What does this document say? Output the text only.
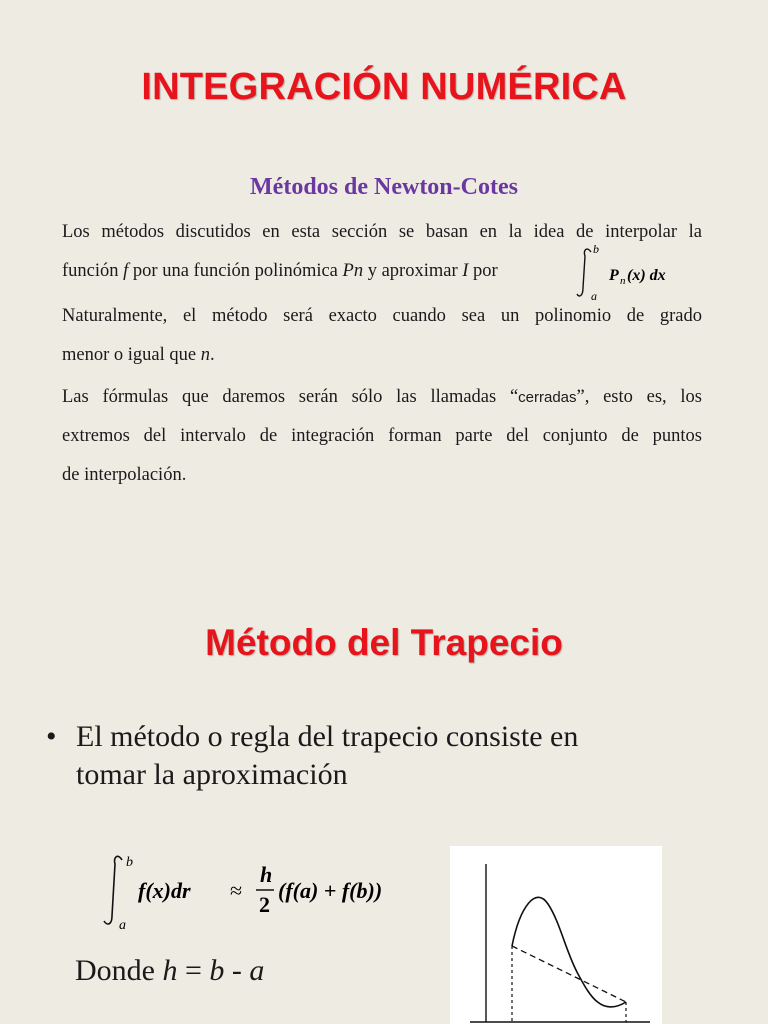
INTEGRACIÓN NUMÉRICA
Métodos de Newton-Cotes
Los métodos discutidos en esta sección se basan en la idea de interpolar la
función f por una función polinómica Pn y aproximar I por
b
a
P n (x) dx
Naturalmente, el método será exacto cuando sea un polinomio de grado
menor o igual que n.
Las fórmulas que daremos serán sólo las llamadas “cerradas”, esto es, los
extremos del intervalo de integración forman parte del conjunto de puntos
de interpolación.
Método del Trapecio
• El método o regla del trapecio consiste en
tomar la aproximación
b
a
f(x)dr ≈
h
2
(f(a) + f(b))
Donde h = b - a
